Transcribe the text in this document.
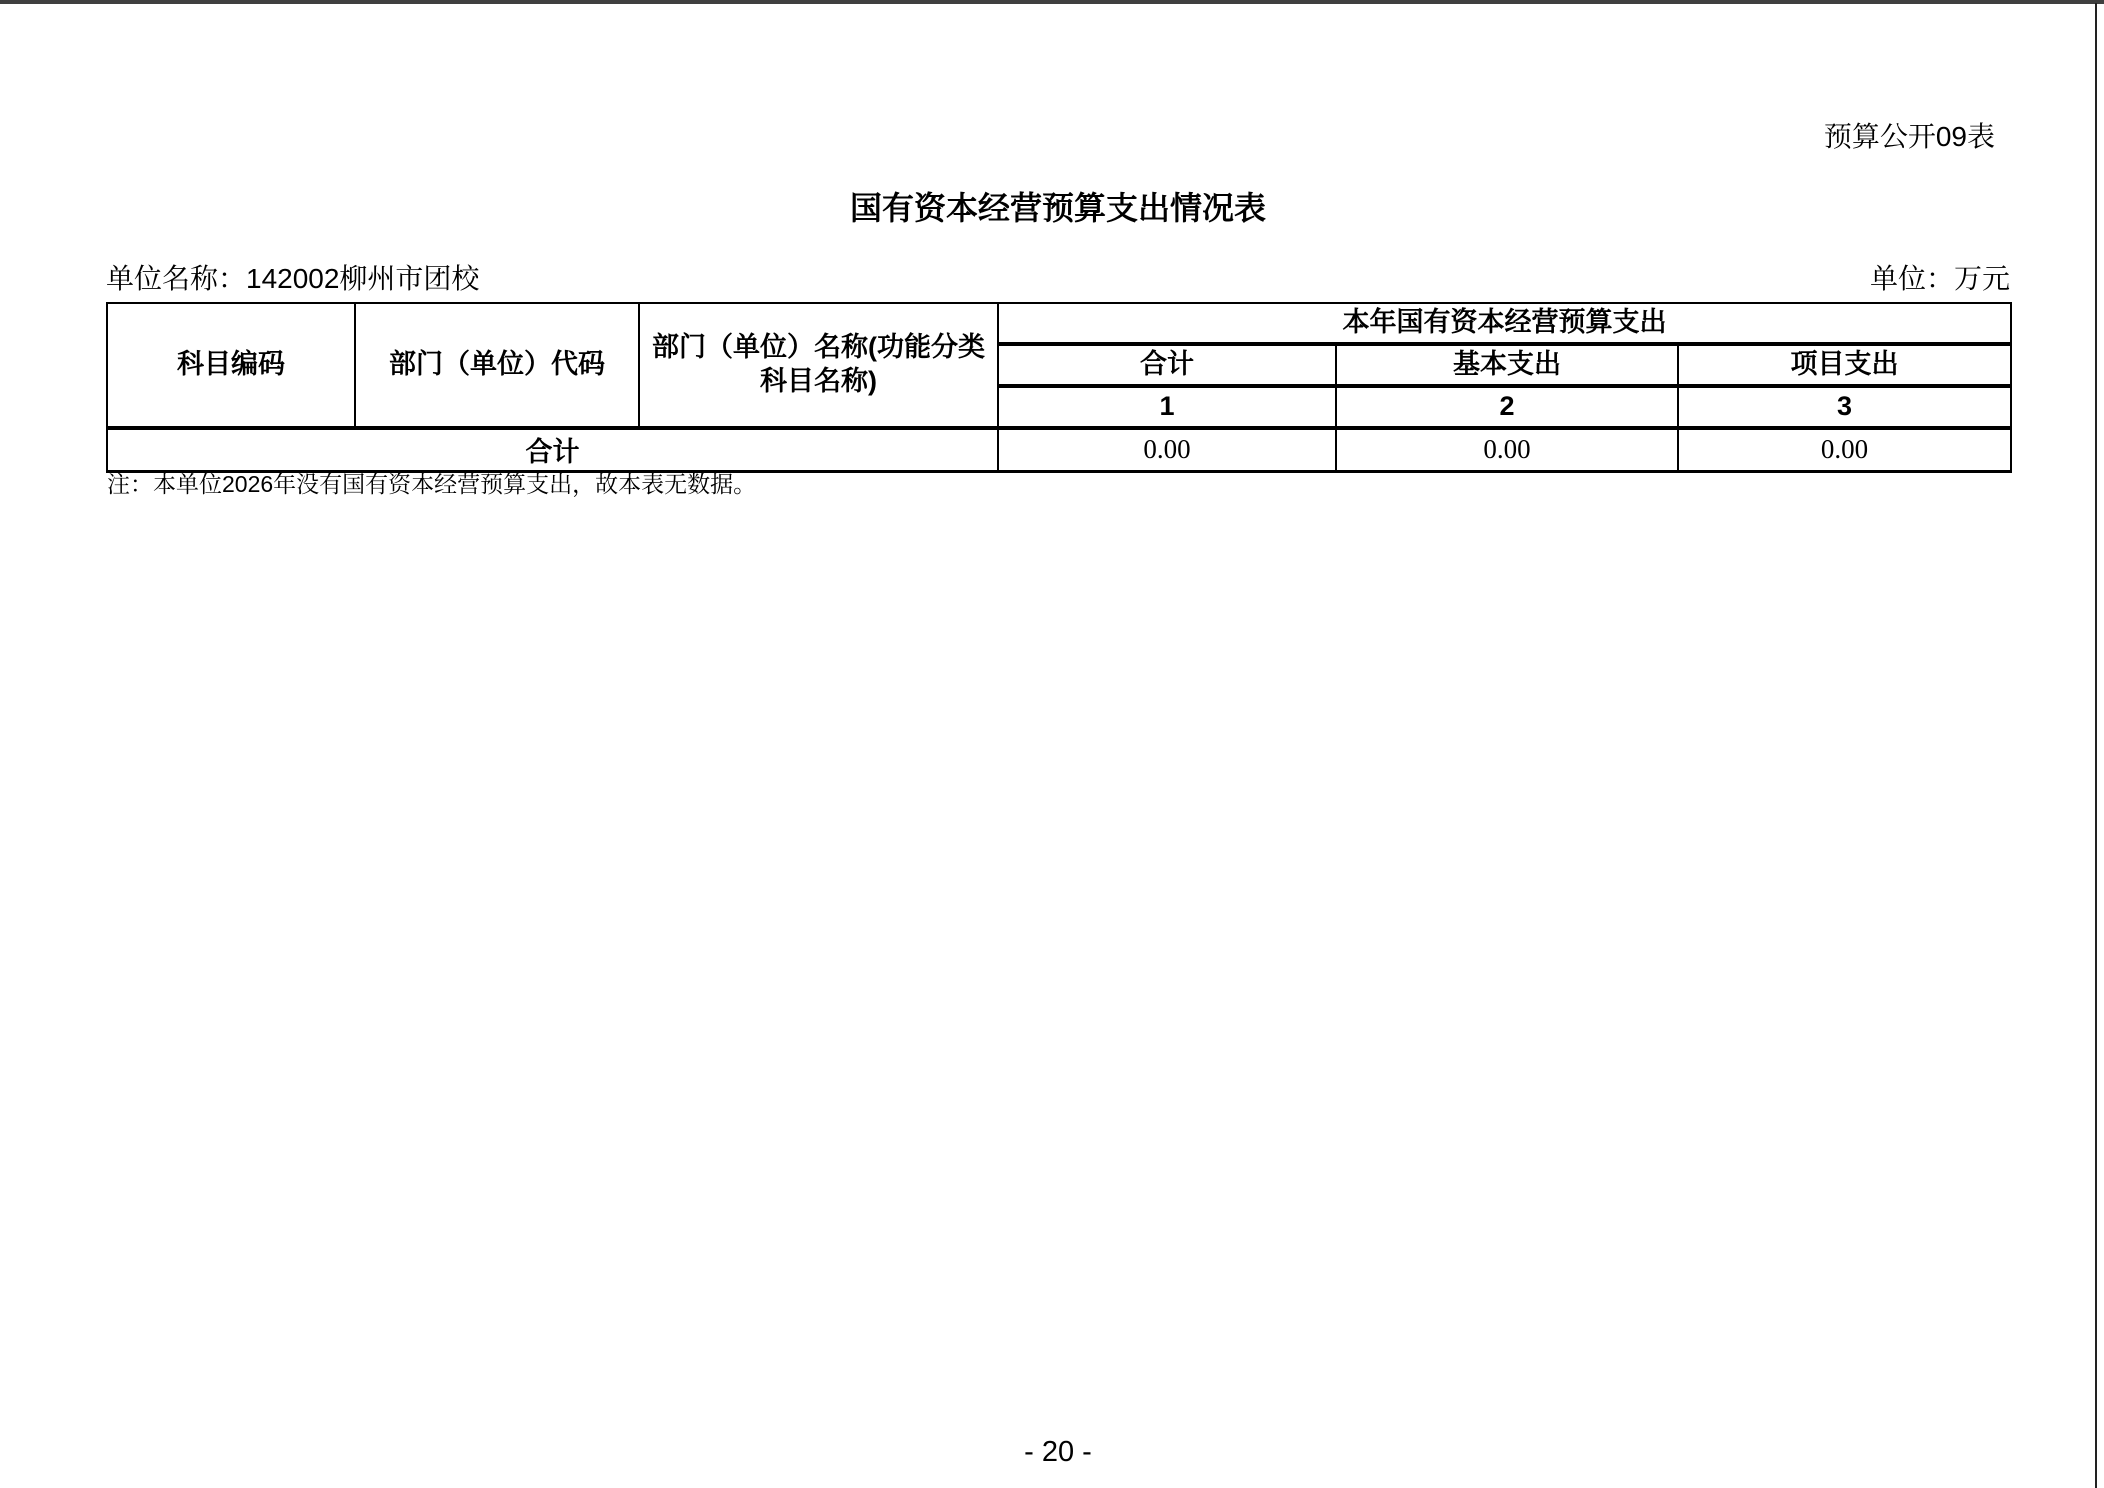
预算公开09表
国有资本经营预算支出情况表
单位名称：142002柳州市团校	单位：万元
科目编码	部门（单位）代码	部门（单位）名称(功能分类科目名称)	本年国有资本经营预算支出		
			合计	基本支出	项目支出
			1	2	3
合计			0.00	0.00	0.00
注：本单位2026年没有国有资本经营预算支出，故本表无数据。
- 20 -
